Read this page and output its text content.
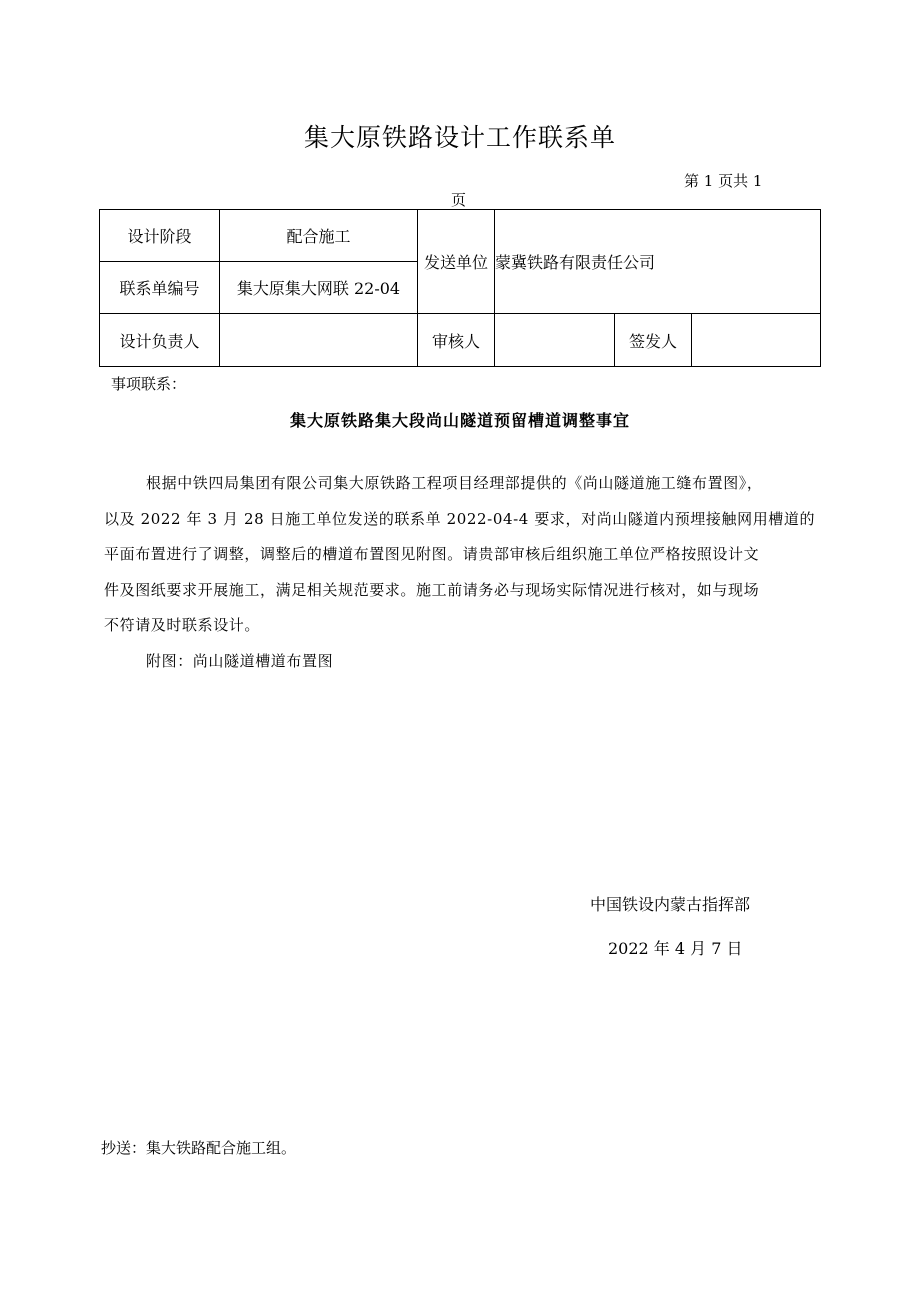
集大原铁路设计工作联系单
第 1 页共 1
页
设计阶段	配合施工	发送单位	蒙冀铁路有限责任公司		
联系单编号	集大原集大网联 22-04				
设计负责人		审核人		签发人	
事项联系：
集大原铁路集大段尚山隧道预留槽道调整事宜

根据中铁四局集团有限公司集大原铁路工程项目经理部提供的《尚山隧道施工缝布置图》，

以及 2022 年 3 月 28 日施工单位发送的联系单 2022-04-4 要求，对尚山隧道内预埋接触网用槽道的

平面布置进行了调整，调整后的槽道布置图见附图。请贵部审核后组织施工单位严格按照设计文

件及图纸要求开展施工，满足相关规范要求。施工前请务必与现场实际情况进行核对，如与现场

不符请及时联系设计。

附图：尚山隧道槽道布置图

中国铁设内蒙古指挥部
2022 年 4 月 7 日
抄送：集大铁路配合施工组。
